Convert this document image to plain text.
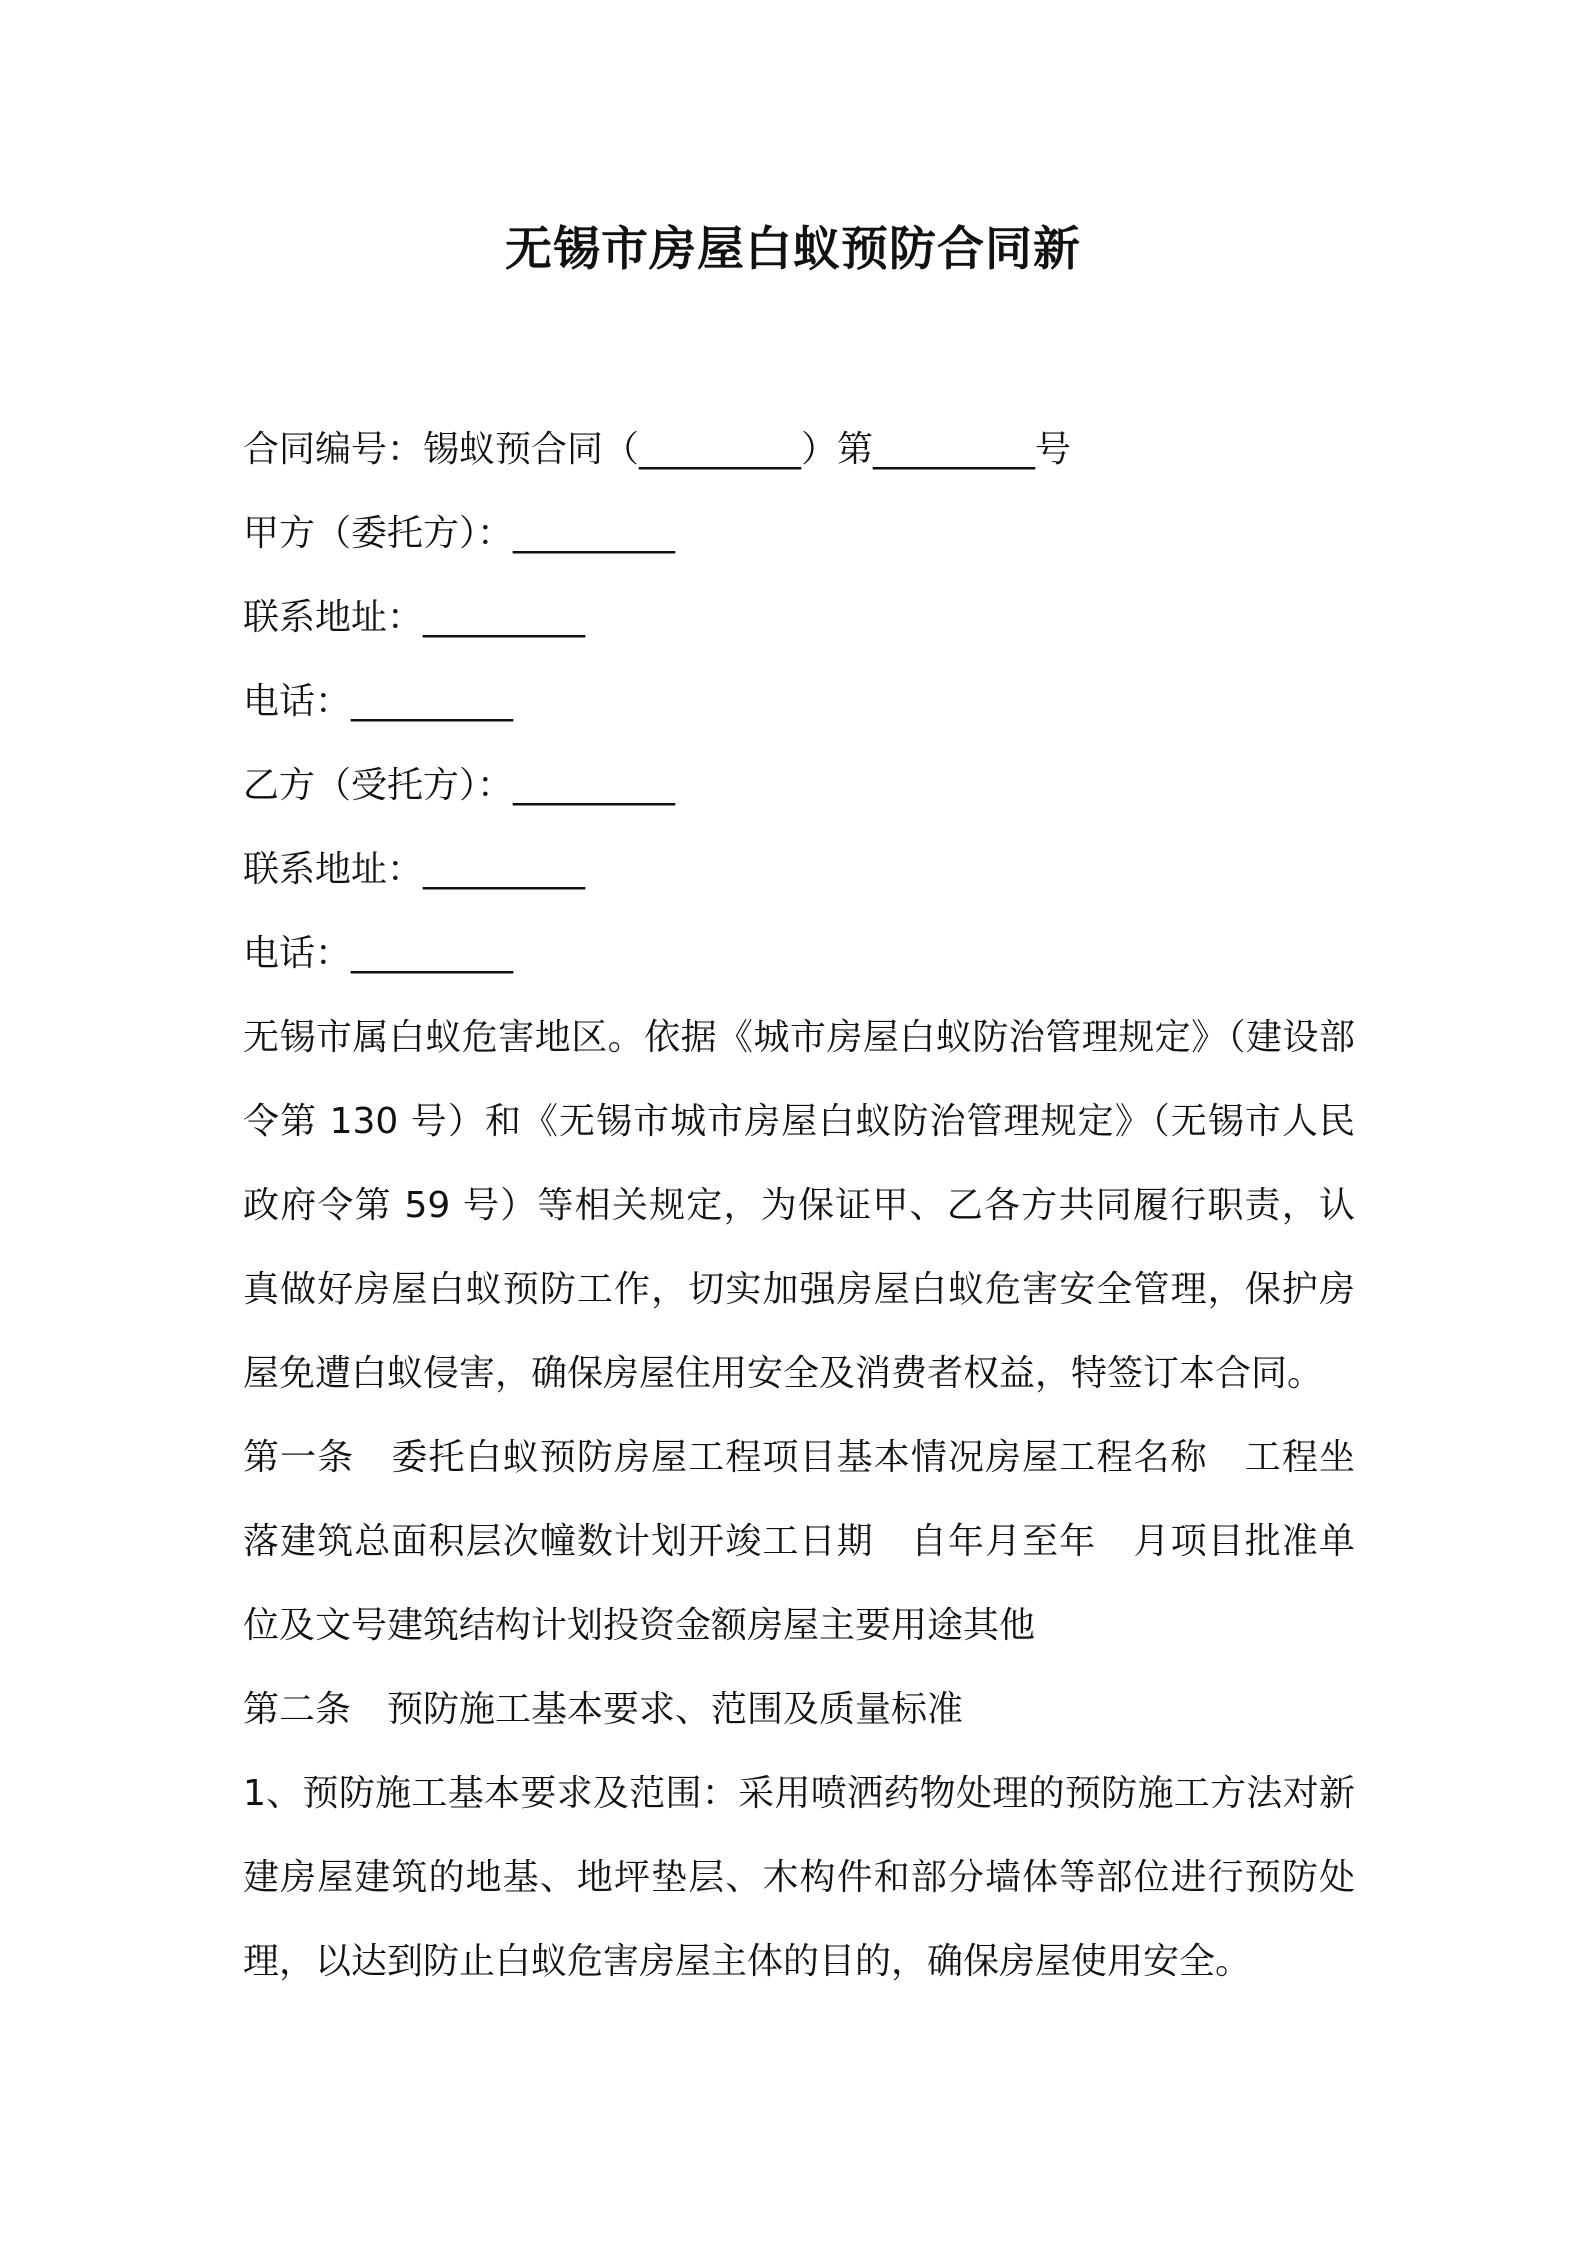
无锡市房屋白蚁预防合同新
合同编号：锡蚁预合同（_________）第_________号
甲方（委托方）：_________
联系地址：_________
电话：_________
乙方（受托方）：_________
联系地址：_________
电话：_________
无锡市属白蚁危害地区。依据《城市房屋白蚁防治管理规定》（建设部令第 130 号）和《无锡市城市房屋白蚁防治管理规定》（无锡市人民政府令第 59 号）等相关规定，为保证甲、乙各方共同履行职责，认真做好房屋白蚁预防工作，切实加强房屋白蚁危害安全管理，保护房屋免遭白蚁侵害，确保房屋住用安全及消费者权益，特签订本合同。
第一条　委托白蚁预防房屋工程项目基本情况房屋工程名称　工程坐落建筑总面积层次幢数计划开竣工日期　自年月至年　月项目批准单位及文号建筑结构计划投资金额房屋主要用途其他
第二条　预防施工基本要求、范围及质量标准
1、预防施工基本要求及范围：采用喷洒药物处理的预防施工方法对新建房屋建筑的地基、地坪垫层、木构件和部分墙体等部位进行预防处理，以达到防止白蚁危害房屋主体的目的，确保房屋使用安全。
